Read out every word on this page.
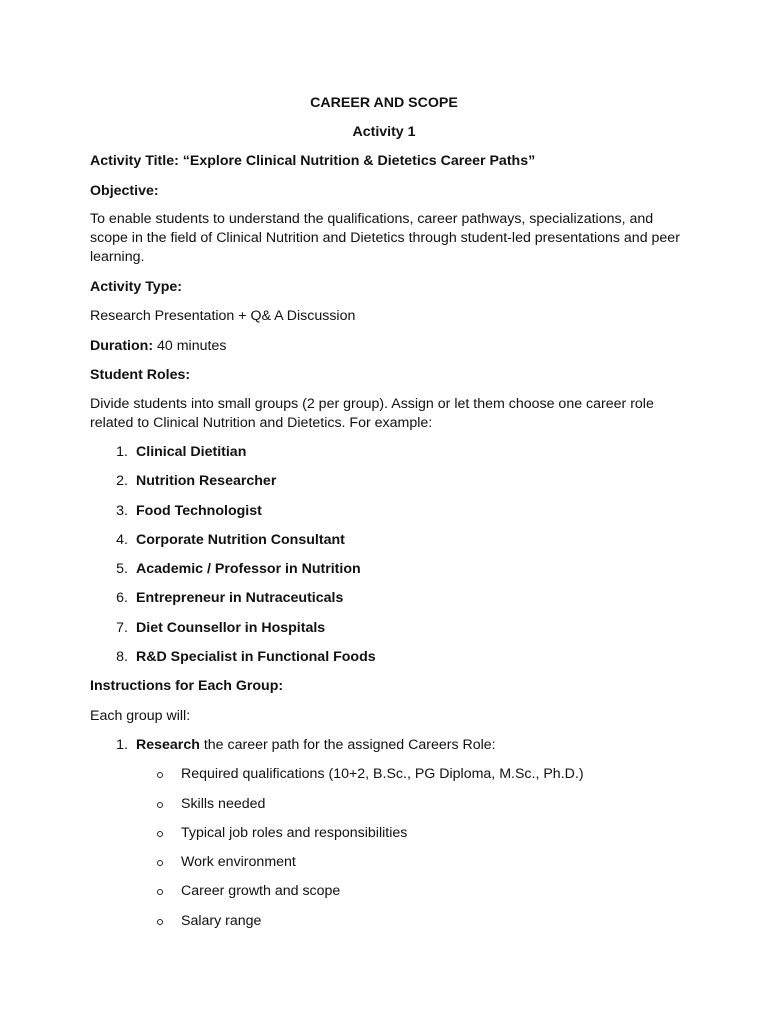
CAREER AND SCOPE
Activity 1
Activity Title: “Explore Clinical Nutrition & Dietetics Career Paths”
Objective:
To enable students to understand the qualifications, career pathways, specializations, and scope in the field of Clinical Nutrition and Dietetics through student-led presentations and peer learning.
Activity Type:
Research Presentation + Q& A Discussion
Duration: 40 minutes
Student Roles:
Divide students into small groups (2 per group). Assign or let them choose one career role related to Clinical Nutrition and Dietetics. For example:
1. Clinical Dietitian
2. Nutrition Researcher
3. Food Technologist
4. Corporate Nutrition Consultant
5. Academic / Professor in Nutrition
6. Entrepreneur in Nutraceuticals
7. Diet Counsellor in Hospitals
8. R&D Specialist in Functional Foods
Instructions for Each Group:
Each group will:
1. Research the career path for the assigned Careers Role:
Required qualifications (10+2, B.Sc., PG Diploma, M.Sc., Ph.D.)
Skills needed
Typical job roles and responsibilities
Work environment
Career growth and scope
Salary range
